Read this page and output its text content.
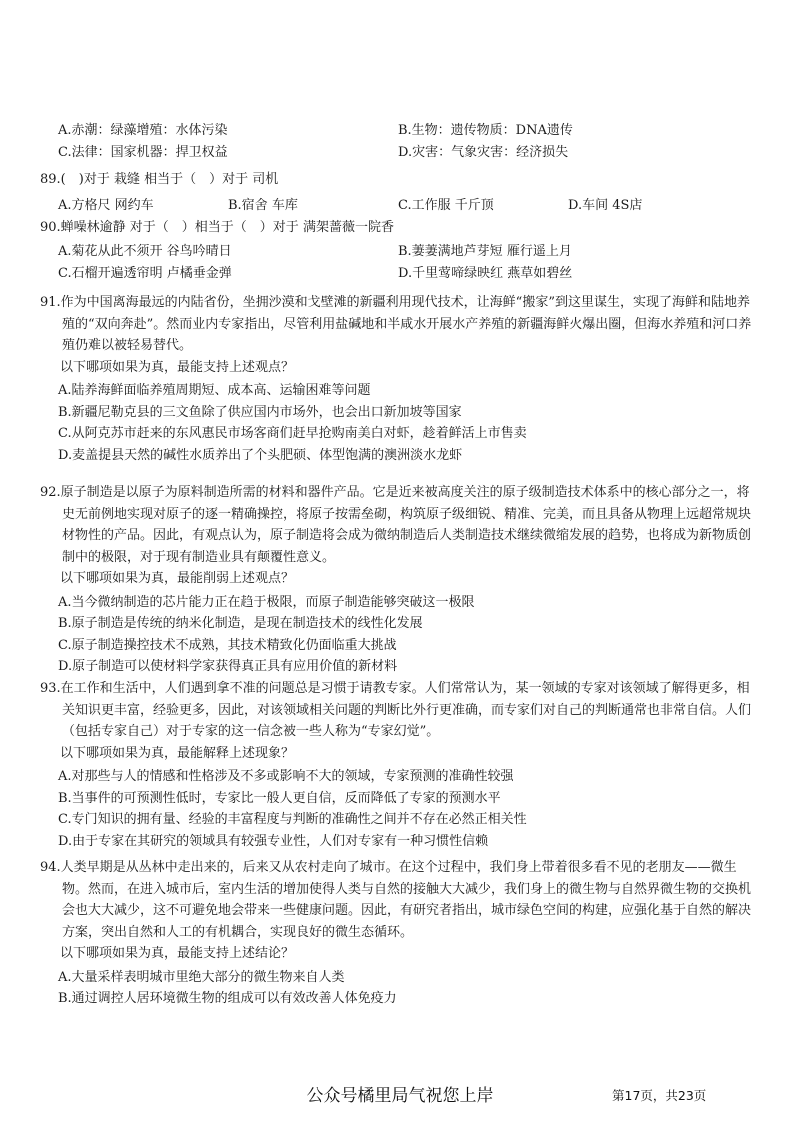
A.赤潮：绿藻增殖：水体污染	B.生物：遗传物质：DNA遗传
C.法律：国家机器：捍卫权益	D.灾害：气象灾害：经济损失

89.(　)对于 栽缝 相当于（　）对于 司机

A.方格尺 网约车	B.宿舍 车库	C.工作服 千斤顶	D.车间 4S店

90.蝉噪林逾静 对于（　）相当于（　）对于 满架蔷薇一院香

A.菊花从此不须开 谷鸟吟晴日	B.萋萋满地芦芽短 雁行遥上月
C.石榴开遍透帘明 卢橘垂金弹	D.千里莺啼绿映红 燕草如碧丝

91.作为中国离海最远的内陆省份，坐拥沙漠和戈壁滩的新疆利用现代技术，让海鲜“搬家”到这里谋生，实现了海鲜和陆地养殖的“双向奔赴”。然而业内专家指出，尽管利用盐碱地和半咸水开展水产养殖的新疆海鲜火爆出圈，但海水养殖和河口养殖仍难以被轻易替代。

以下哪项如果为真，最能支持上述观点？

A.陆养海鲜面临养殖周期短、成本高、运输困难等问题

B.新疆尼勒克县的三文鱼除了供应国内市场外，也会出口新加坡等国家

C.从阿克苏市赶来的东风惠民市场客商们赶早抢购南美白对虾，趁着鲜活上市售卖

D.麦盖提县天然的碱性水质养出了个头肥硕、体型饱满的澳洲淡水龙虾

92.原子制造是以原子为原料制造所需的材料和器件产品。它是近来被高度关注的原子级制造技术体系中的核心部分之一，将史无前例地实现对原子的逐一精确操控，将原子按需垒砌，构筑原子级细锐、精准、完美，而且具备从物理上远超常规块材物性的产品。因此，有观点认为，原子制造将会成为微纳制造后人类制造技术继续微缩发展的趋势，也将成为新物质创制中的极限，对于现有制造业具有颠覆性意义。

以下哪项如果为真，最能削弱上述观点？

A.当今微纳制造的芯片能力正在趋于极限，而原子制造能够突破这一极限

B.原子制造是传统的纳米化制造，是现在制造技术的线性化发展

C.原子制造操控技术不成熟，其技术精致化仍面临重大挑战

D.原子制造可以使材料学家获得真正具有应用价值的新材料

93.在工作和生活中，人们遇到拿不准的问题总是习惯于请教专家。人们常常认为，某一领域的专家对该领域了解得更多，相关知识更丰富，经验更多，因此，对该领域相关问题的判断比外行更准确，而专家们对自己的判断通常也非常自信。人们（包括专家自己）对于专家的这一信念被一些人称为“专家幻觉”。

以下哪项如果为真，最能解释上述现象？

A.对那些与人的情感和性格涉及不多或影响不大的领域，专家预测的准确性较强

B.当事件的可预测性低时，专家比一般人更自信，反而降低了专家的预测水平

C.专门知识的拥有量、经验的丰富程度与判断的准确性之间并不存在必然正相关性

D.由于专家在其研究的领域具有较强专业性，人们对专家有一种习惯性信赖

94.人类早期是从丛林中走出来的，后来又从农村走向了城市。在这个过程中，我们身上带着很多看不见的老朋友——微生物。然而，在进入城市后，室内生活的增加使得人类与自然的接触大大减少，我们身上的微生物与自然界微生物的交换机会也大大减少，这不可避免地会带来一些健康问题。因此，有研究者指出，城市绿色空间的构建，应强化基于自然的解决方案，突出自然和人工的有机耦合，实现良好的微生态循环。

以下哪项如果为真，最能支持上述结论？

A.大量采样表明城市里绝大部分的微生物来自人类

B.通过调控人居环境微生物的组成可以有效改善人体免疫力

公众号橘里局气祝您上岸	第17页，共23页
